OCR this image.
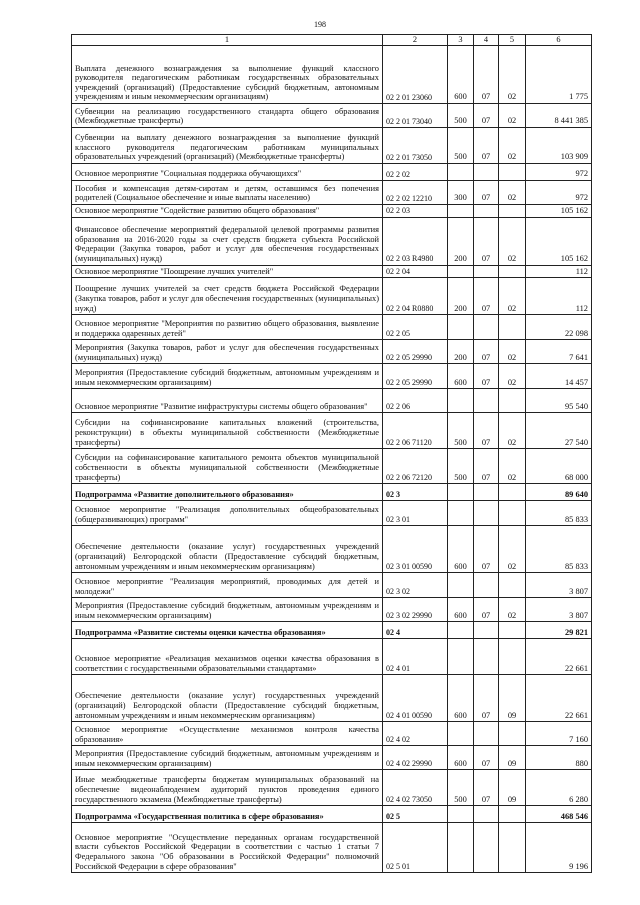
198
1	2	3	4	5	6
Выплата денежного вознаграждения за выполнение функций классного руководителя педагогическим работникам государственных образовательных учреждений (организаций) (Предоставление субсидий бюджетным, автономным учреждениям и иным некоммерческим организациям)	02 2 01 23060	600	07	02	1 775
Субвенции на реализацию государственного стандарта общего образования (Межбюджетные трансферты)	02 2 01 73040	500	07	02	8 441 385
Субвенции на выплату денежного вознаграждения за выполнение функций классного руководителя педагогическим работникам муниципальных образовательных учреждений (организаций) (Межбюджетные трансферты)	02 2 01 73050	500	07	02	103 909
Основное мероприятие "Социальная поддержка обучающихся"	02 2 02				972
Пособия и компенсация детям-сиротам и детям, оставшимся без попечения родителей (Социальное обеспечение и иные выплаты населению)	02 2 02 12210	300	07	02	972
Основное мероприятие "Содействие развитию общего образования"	02 2 03				105 162
Финансовое обеспечение мероприятий федеральной целевой программы развития образования на 2016-2020 годы за счет средств бюджета субъекта Российской Федерации (Закупка товаров, работ и услуг для обеспечения государственных (муниципальных) нужд)	02 2 03 R4980	200	07	02	105 162
Основное мероприятие "Поощрение лучших учителей"	02 2 04				112
Поощрение лучших учителей за счет средств бюджета Российской Федерации (Закупка товаров, работ и услуг для обеспечения государственных (муниципальных) нужд)	02 2 04 R0880	200	07	02	112
Основное мероприятие "Мероприятия по развитию общего образования, выявление и поддержка одаренных детей"	02 2 05				22 098
Мероприятия (Закупка товаров, работ и услуг для обеспечения государственных (муниципальных) нужд)	02 2 05 29990	200	07	02	7 641
Мероприятия (Предоставление субсидий бюджетным, автономным учреждениям и иным некоммерческим организациям)	02 2 05 29990	600	07	02	14 457
Основное мероприятие "Развитие инфраструктуры системы общего образования"	02 2 06				95 540
Субсидии на софинансирование капитальных вложений (строительства, реконструкции) в объекты муниципальной собственности (Межбюджетные трансферты)	02 2 06 71120	500	07	02	27 540
Субсидии на софинансирование капитального ремонта объектов муниципальной собственности в объекты муниципальной собственности (Межбюджетные трансферты)	02 2 06 72120	500	07	02	68 000
Подпрограмма «Развитие дополнительного образования»	02 3				89 640
Основное мероприятие "Реализация дополнительных общеобразовательных (общеразвивающих) программ"	02 3 01				85 833
Обеспечение деятельности (оказание услуг) государственных учреждений (организаций) Белгородской области (Предоставление субсидий бюджетным, автономным учреждениям и иным некоммерческим организациям)	02 3 01 00590	600	07	02	85 833
Основное мероприятие "Реализация мероприятий, проводимых для детей и молодежи"	02 3 02				3 807
Мероприятия (Предоставление субсидий бюджетным, автономным учреждениям и иным некоммерческим организациям)	02 3 02 29990	600	07	02	3 807
Подпрограмма «Развитие системы оценки качества образования»	02 4				29 821
Основное мероприятие «Реализация механизмов оценки качества образования в соответствии с государственными образовательными стандартами»	02 4 01				22 661
Обеспечение деятельности (оказание услуг) государственных учреждений (организаций) Белгородской области (Предоставление субсидий бюджетным, автономным учреждениям и иным некоммерческим организациям)	02 4 01 00590	600	07	09	22 661
Основное мероприятие «Осуществление механизмов контроля качества образования»	02 4 02				7 160
Мероприятия (Предоставление субсидий бюджетным, автономным учреждениям и иным некоммерческим организациям)	02 4 02 29990	600	07	09	880
Иные межбюджетные трансферты бюджетам муниципальных образований на обеспечение видеонаблюдением аудиторий пунктов проведения единого государственного экзамена (Межбюджетные трансферты)	02 4 02 73050	500	07	09	6 280
Подпрограмма «Государственная политика в сфере образования»	02 5				468 546
Основное мероприятие "Осуществление переданных органам государственной власти субъектов Российской Федерации в соответствии с частью 1 статьи 7 Федерального закона "Об образовании в Российской Федерации" полномочий Российской Федерации в сфере образования"	02 5 01				9 196
